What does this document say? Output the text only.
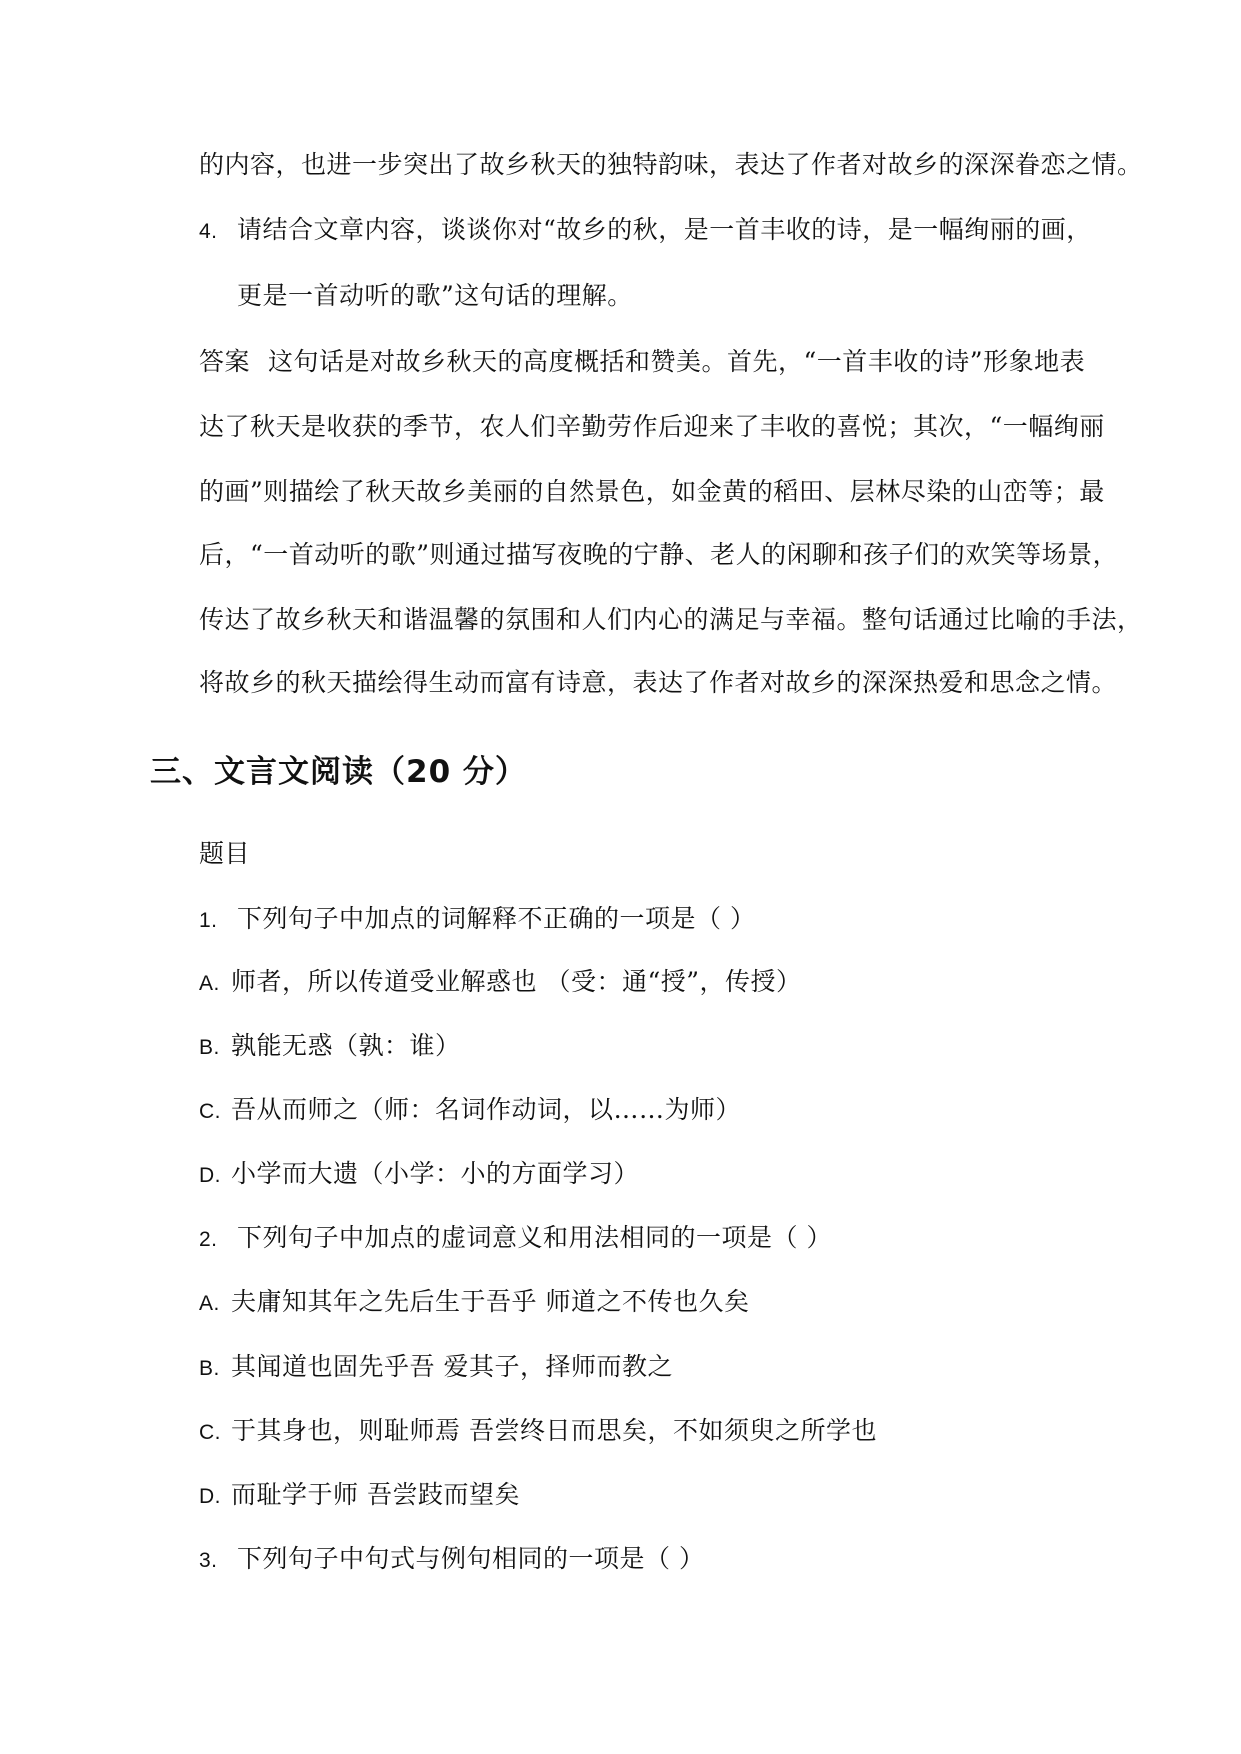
的内容，也进一步突出了故乡秋天的独特韵味，表达了作者对故乡的深深眷恋之情。
4. 请结合文章内容，谈谈你对“故乡的秋，是一首丰收的诗，是一幅绚丽的画，
更是一首动听的歌”这句话的理解。
答案 这句话是对故乡秋天的高度概括和赞美。首先，“一首丰收的诗”形象地表
达了秋天是收获的季节，农人们辛勤劳作后迎来了丰收的喜悦；其次，“一幅绚丽
的画”则描绘了秋天故乡美丽的自然景色，如金黄的稻田、层林尽染的山峦等；最
后，“一首动听的歌”则通过描写夜晚的宁静、老人的闲聊和孩子们的欢笑等场景，
传达了故乡秋天和谐温馨的氛围和人们内心的满足与幸福。整句话通过比喻的手法，
将故乡的秋天描绘得生动而富有诗意，表达了作者对故乡的深深热爱和思念之情。
三、文言文阅读（20 分）
题目
1. 下列句子中加点的词解释不正确的一项是（ ）
A. 师者，所以传道受业解惑也 （受：通“授”，传授）
B. 孰能无惑（孰：谁）
C. 吾从而师之（师：名词作动词，以……为师）
D. 小学而大遗（小学：小的方面学习）
2. 下列句子中加点的虚词意义和用法相同的一项是（ ）
A. 夫庸知其年之先后生于吾乎 师道之不传也久矣
B. 其闻道也固先乎吾 爱其子，择师而教之
C. 于其身也，则耻师焉 吾尝终日而思矣，不如须臾之所学也
D. 而耻学于师 吾尝跂而望矣
3. 下列句子中句式与例句相同的一项是（ ）
